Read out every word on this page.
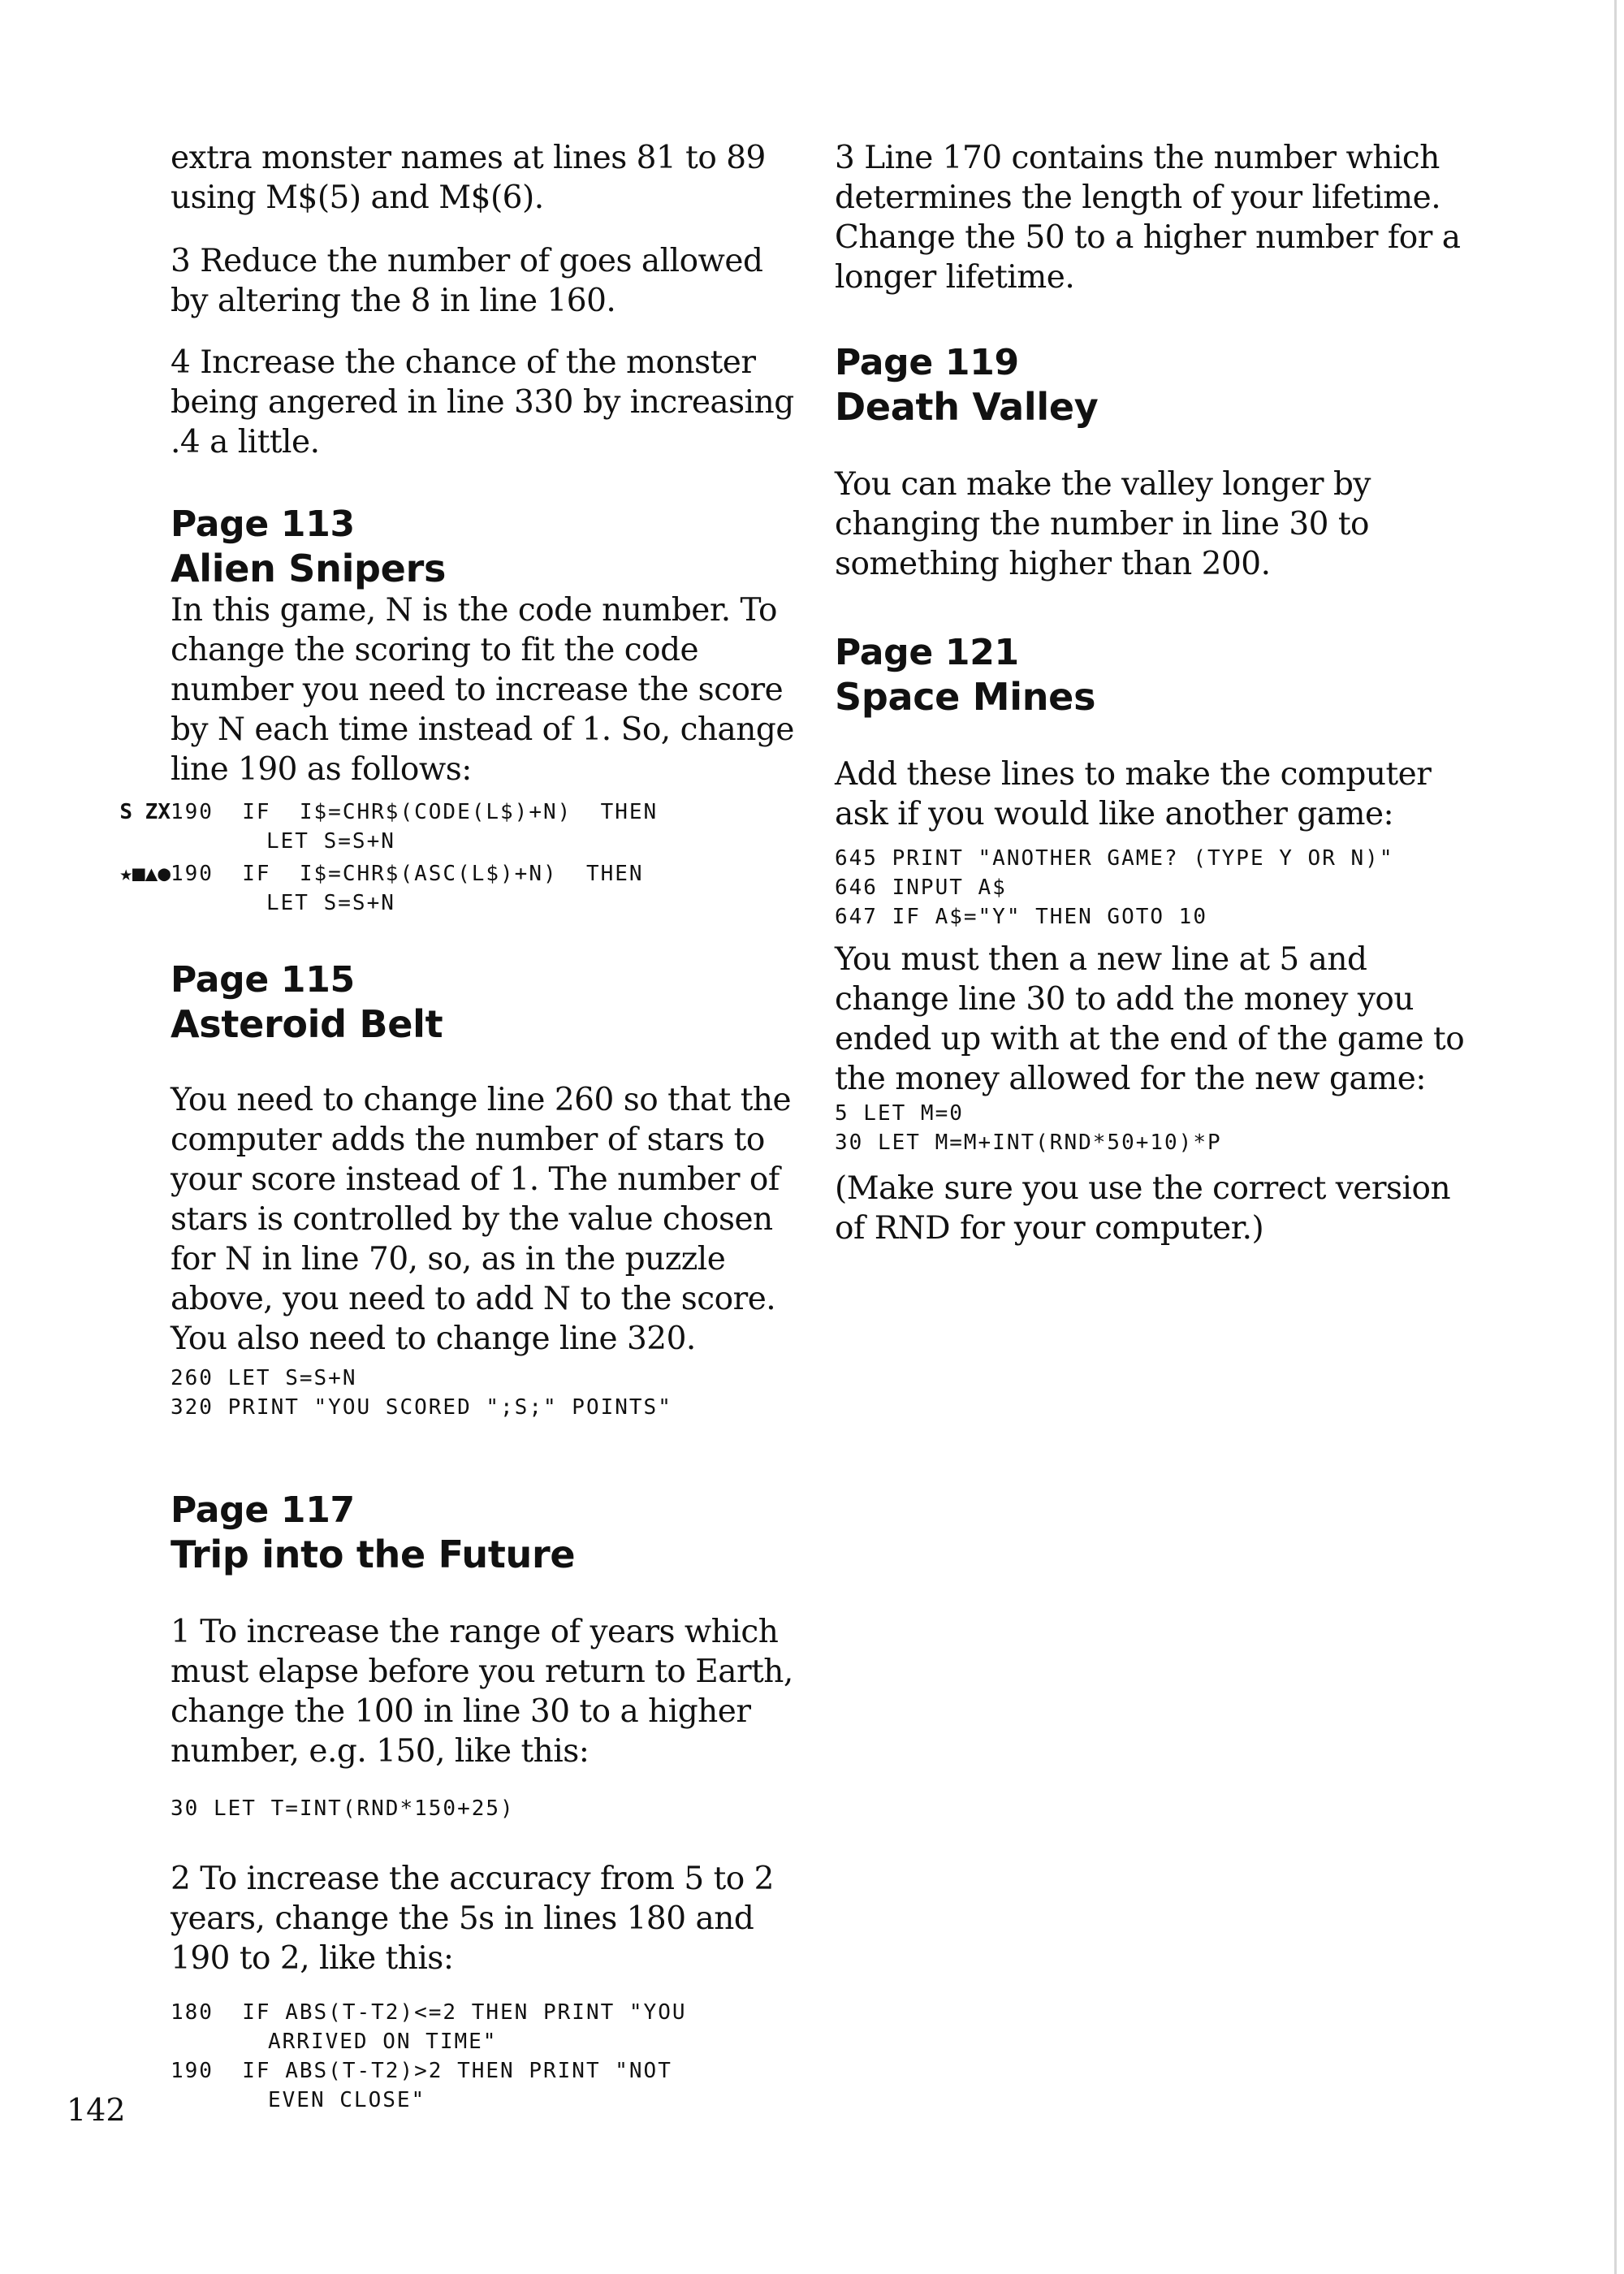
extra monster names at lines 81 to 89 using M$(5) and M$(6).

3 Reduce the number of goes allowed by altering the 8 in line 160.

4 Increase the chance of the monster being angered in line 330 by increasing .4 a little.

Page 113

Alien Snipers

In this game, N is the code number. To change the scoring to fit the code number you need to increase the score by N each time instead of 1. So, change line 190 as follows:

S ZX 190  IF  I$=CHR$(CODE(L$)+N)  THEN

LET S=S+N

★■▲● 190  IF  I$=CHR$(ASC(L$)+N)  THEN

LET S=S+N

Page 115

Asteroid Belt

You need to change line 260 so that the computer adds the number of stars to your score instead of 1. The number of stars is controlled by the value chosen for N in line 70, so, as in the puzzle above, you need to add N to the score. You also need to change line 320.

260 LET S=S+N

320 PRINT "YOU SCORED ";S;" POINTS"

Page 117

Trip into the Future

1 To increase the range of years which must elapse before you return to Earth, change the 100 in line 30 to a higher number, e.g. 150, like this:

30 LET T=INT(RND*150+25)

2 To increase the accuracy from 5 to 2 years, change the 5s in lines 180 and 190 to 2, like this:

180  IF ABS(T-T2)<=2 THEN PRINT "YOU

ARRIVED ON TIME"

190  IF ABS(T-T2)>2 THEN PRINT "NOT

EVEN CLOSE"

3 Line 170 contains the number which determines the length of your lifetime. Change the 50 to a higher number for a longer lifetime.

Page 119

Death Valley

You can make the valley longer by changing the number in line 30 to something higher than 200.

Page 121

Space Mines

Add these lines to make the computer ask if you would like another game:

645 PRINT "ANOTHER GAME? (TYPE Y OR N)"

646 INPUT A$

647 IF A$="Y" THEN GOTO 10

You must then a new line at 5 and change line 30 to add the money you ended up with at the end of the game to the money allowed for the new game:

5 LET M=0

30 LET M=M+INT(RND*50+10)*P

(Make sure you use the correct version of RND for your computer.)

142
